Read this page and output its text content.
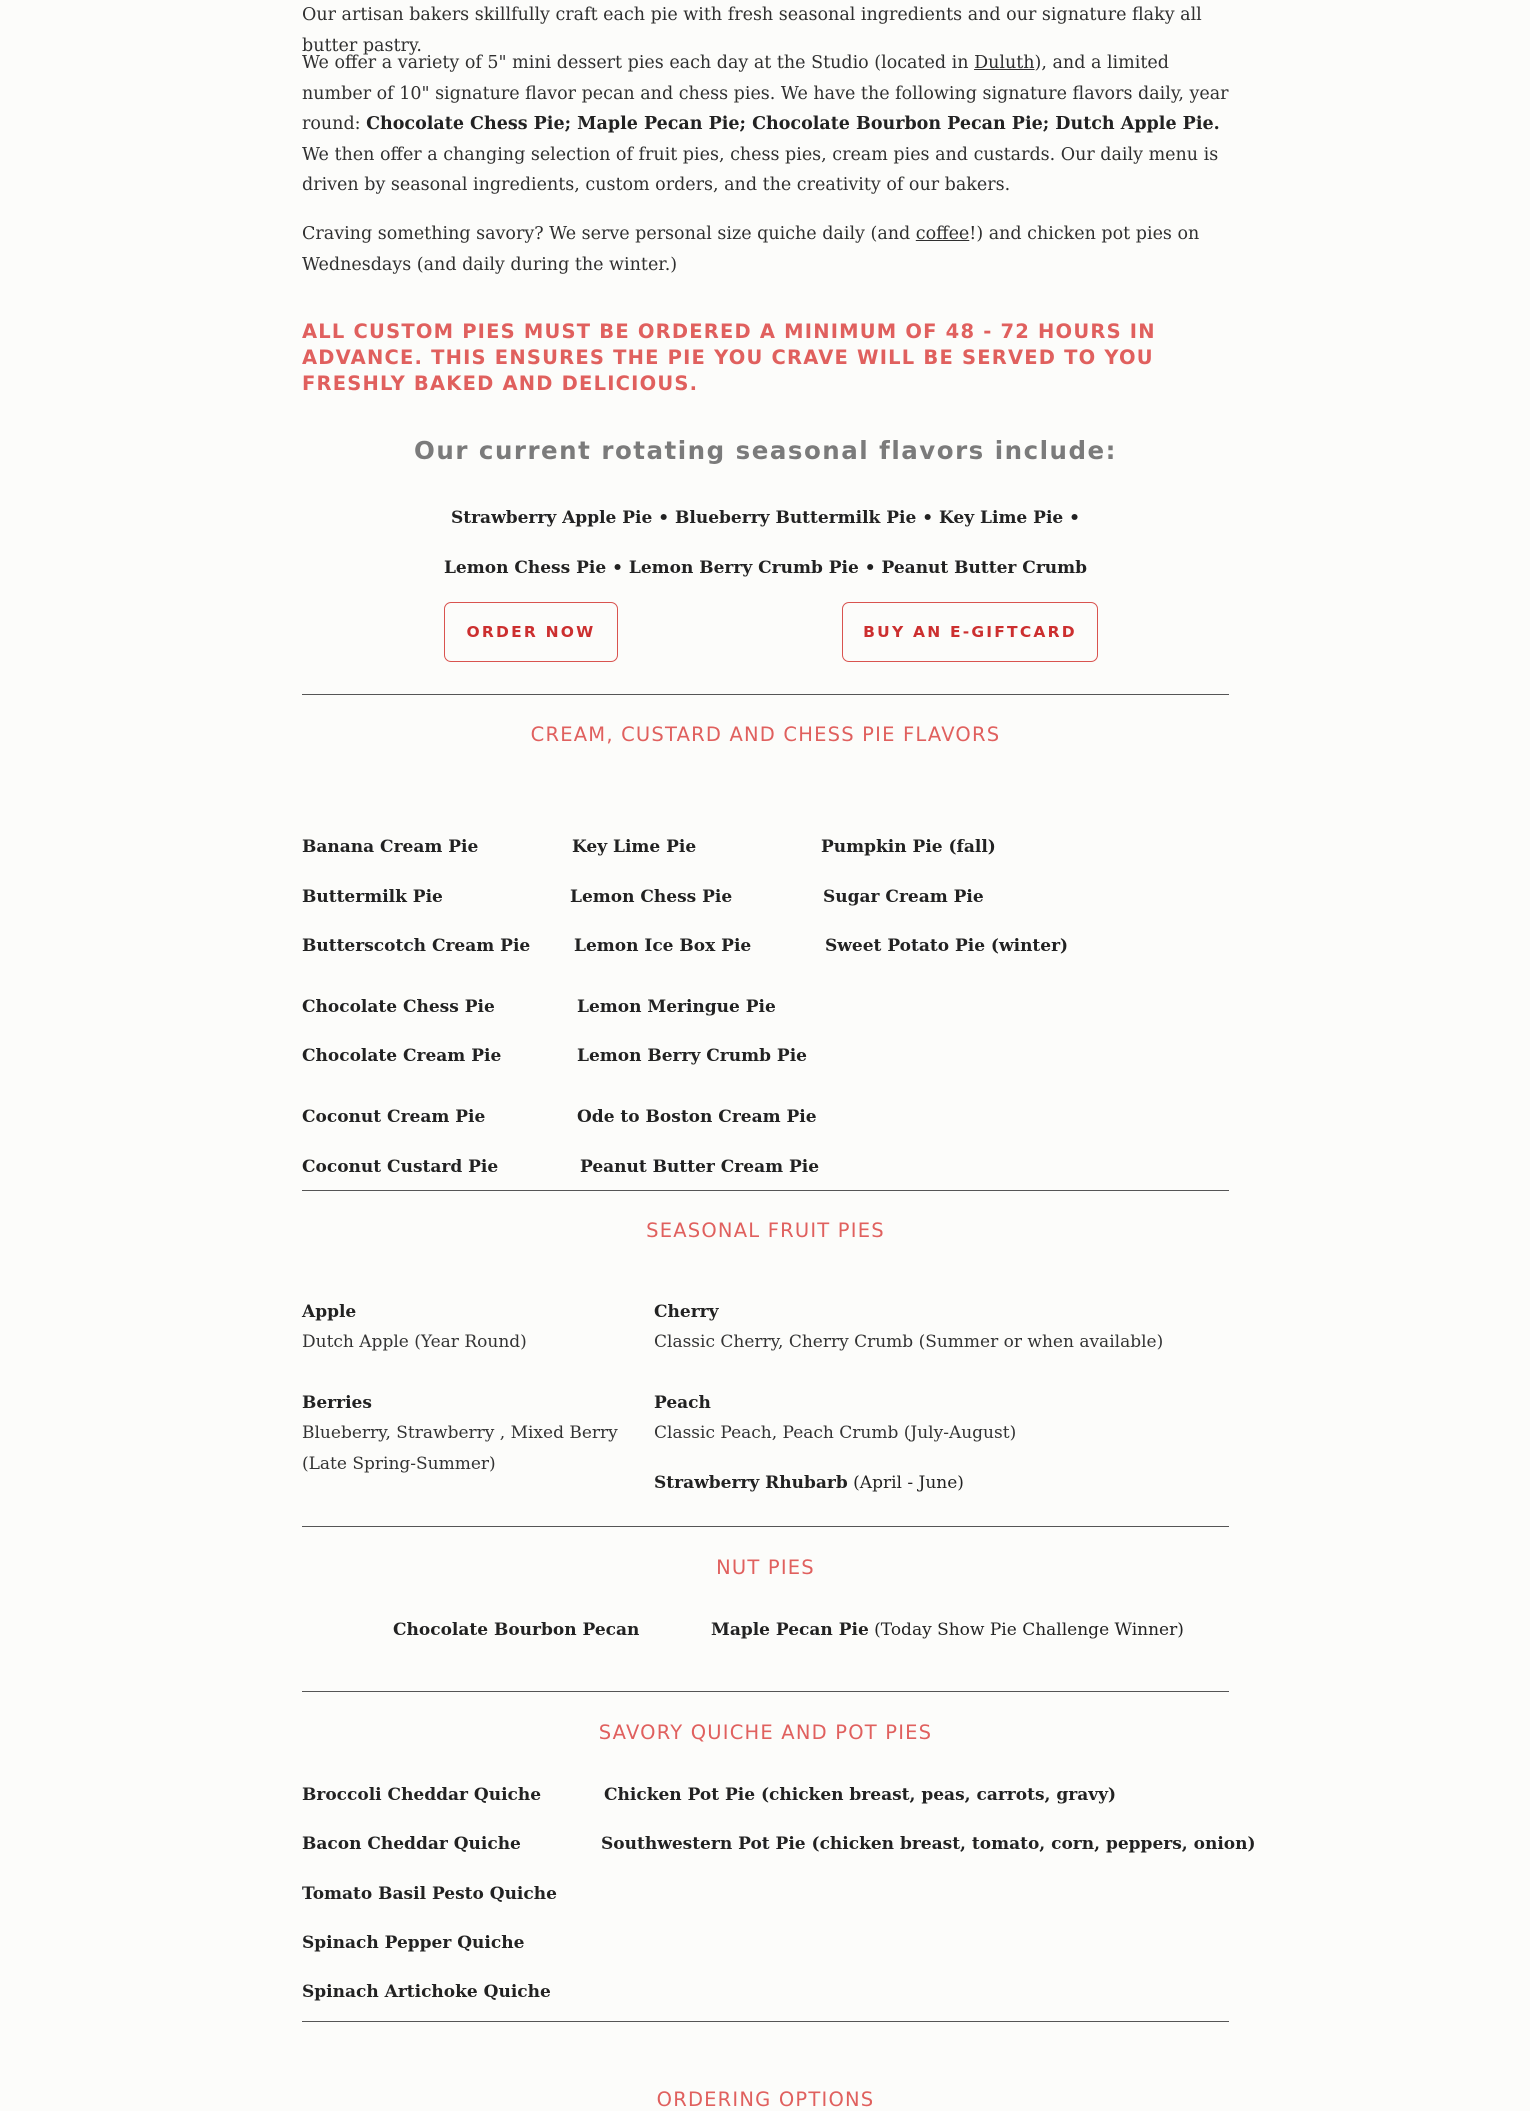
Our artisan bakers skillfully craft each pie with fresh seasonal ingredients and our signature flaky all butter pastry.

We offer a variety of 5" mini dessert pies each day at the Studio (located in Duluth), and a limited number of 10" signature flavor pecan and chess pies. We have the following signature flavors daily, year round: Chocolate Chess Pie; Maple Pecan Pie; Chocolate Bourbon Pecan Pie; Dutch Apple Pie. We then offer a changing selection of fruit pies, chess pies, cream pies and custards. Our daily menu is driven by seasonal ingredients, custom orders, and the creativity of our bakers.

Craving something savory? We serve personal size quiche daily (and coffee!) and chicken pot pies on Wednesdays (and daily during the winter.)

ALL CUSTOM PIES MUST BE ORDERED A MINIMUM OF 48 - 72 HOURS IN ADVANCE. THIS ENSURES THE PIE YOU CRAVE WILL BE SERVED TO YOU FRESHLY BAKED AND DELICIOUS.

Our current rotating seasonal flavors include:

Strawberry Apple Pie • Blueberry Buttermilk Pie • Key Lime Pie •
Lemon Chess Pie • Lemon Berry Crumb Pie • Peanut Butter Crumb
ORDER NOW	BUY AN E-GIFTCARD
CREAM, CUSTARD AND CHESS PIE FLAVORS
Banana Cream Pie
Buttermilk Pie
Butterscotch Cream Pie
Chocolate Chess Pie
Chocolate Cream Pie
Coconut Cream Pie
Coconut Custard Pie
Key Lime Pie
Lemon Chess Pie
Lemon Ice Box Pie
Lemon Meringue Pie
Lemon Berry Crumb Pie
Ode to Boston Cream Pie
Peanut Butter Cream Pie
Pumpkin Pie (fall)
Sugar Cream Pie
Sweet Potato Pie (winter)
SEASONAL FRUIT PIES
Apple
Dutch Apple (Year Round)
Cherry
Classic Cherry, Cherry Crumb (Summer or when available)
Berries
Blueberry, Strawberry , Mixed Berry (Late Spring-Summer)
Peach
Classic Peach, Peach Crumb (July-August)
Strawberry Rhubarb (April - June)
NUT PIES
Chocolate Bourbon Pecan	Maple Pecan Pie (Today Show Pie Challenge Winner)
SAVORY QUICHE AND POT PIES
Broccoli Cheddar Quiche
Bacon Cheddar Quiche
Tomato Basil Pesto Quiche
Spinach Pepper Quiche
Spinach Artichoke Quiche
Chicken Pot Pie (chicken breast, peas, carrots, gravy)
Southwestern Pot Pie (chicken breast, tomato, corn, peppers, onion)
ORDERING OPTIONS
